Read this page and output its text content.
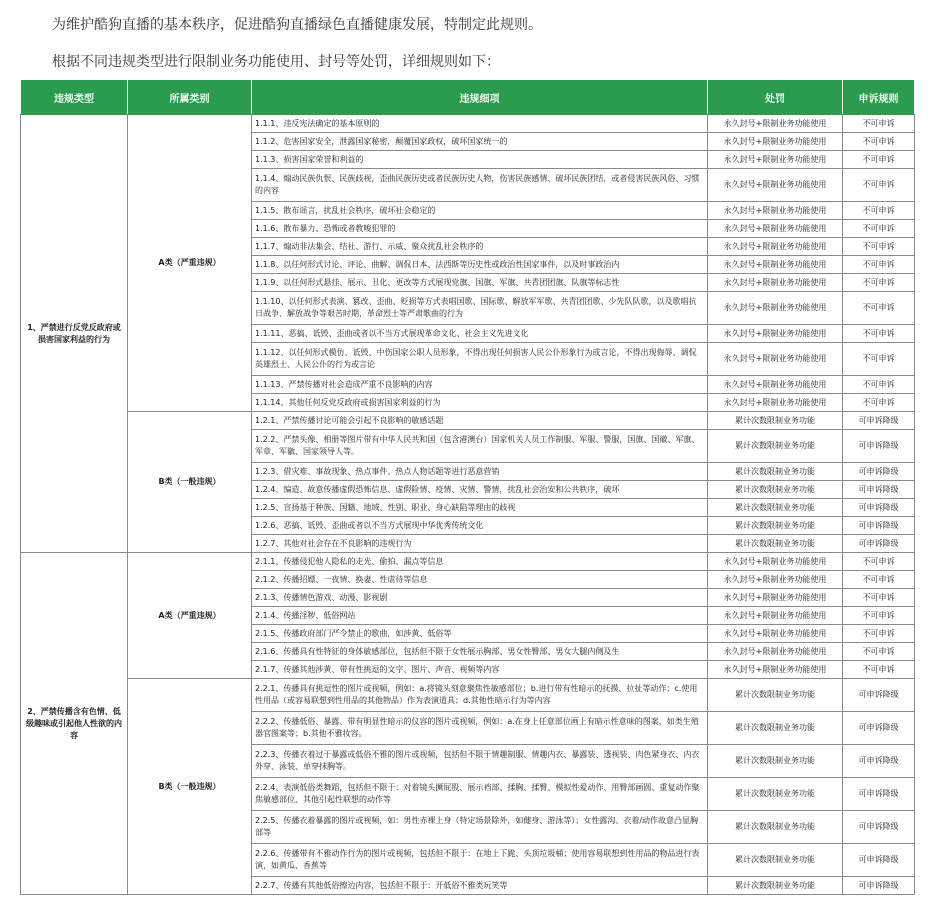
为维护酷狗直播的基本秩序，促进酷狗直播绿色直播健康发展，特制定此规则。
根据不同违规类型进行限制业务功能使用、封号等处罚，详细规则如下：
违规类型	所属类别	违规细项	处罚	申诉规则
1、严禁进行反党反政府或损害国家利益的行为	A类（严重违规）	1.1.1、违反宪法确定的基本原则的	永久封号+限制业务功能使用	不可申诉
		1.1.2、危害国家安全，泄露国家秘密，颠覆国家政权，破坏国家统一的	永久封号+限制业务功能使用	不可申诉
		1.1.3、损害国家荣誉和利益的	永久封号+限制业务功能使用	不可申诉
		1.1.4、煽动民族仇恨、民族歧视，歪曲民族历史或者民族历史人物，伤害民族感情、破坏民族团结，或者侵害民族风俗、习惯的内容	永久封号+限制业务功能使用	不可申诉
		1.1.5、散布谣言，扰乱社会秩序，破坏社会稳定的	永久封号+限制业务功能使用	不可申诉
		1.1.6、散布暴力、恐怖或者教唆犯罪的	永久封号+限制业务功能使用	不可申诉
		1.1.7、煽动非法集会、结社、游行、示威、聚众扰乱社会秩序的	永久封号+限制业务功能使用	不可申诉
		1.1.8、以任何形式讨论、评论、曲解、调侃日本、法西斯等历史性或政治性国家事件，以及时事政治内	永久封号+限制业务功能使用	不可申诉
		1.1.9、以任何形式悬挂、展示、丑化、更改等方式展现党旗、国旗、军旗、共青团团旗、队旗等标志性	永久封号+限制业务功能使用	不可申诉
		1.1.10、以任何形式表演、篡改、歪曲、贬损等方式表唱国歌、国际歌、解放军军歌、共青团团歌、少先队队歌，以及歌唱抗日战争、解放战争等艰苦时期，革命烈士等严肃歌曲的行为	永久封号+限制业务功能使用	不可申诉
		1.1.11、恶搞、诋毁、歪曲或者以不当方式展现革命文化、社会主义先进文化	永久封号+限制业务功能使用	不可申诉
		1.1.12、以任何形式模仿、诋毁、中伤国家公职人员形象，不得出现任何损害人民公仆形象行为或言论，不得出现侮辱、调侃英雄烈士、人民公仆的行为或言论	永久封号+限制业务功能使用	不可申诉
		1.1.13、严禁传播对社会造成严重不良影响的内容	永久封号+限制业务功能使用	不可申诉
		1.1.14、其他任何反党反政府或损害国家利益的行为	永久封号+限制业务功能使用	不可申诉
	B类（一般违规）	1.2.1、严禁传播讨论可能会引起不良影响的敏感话题	累计次数限制业务功能	可申诉降级
		1.2.2、严禁头像、相册等图片带有中华人民共和国（包含港澳台）国家机关人员工作制服、军服、警服，国旗、国徽、军旗、军章、军徽、国家领导人等。	累计次数限制业务功能	可申诉降级
		1.2.3、借灾难、事故现象、热点事件、热点人物话题等进行恶意营销	累计次数限制业务功能	可申诉降级
		1.2.4、编造、故意传播虚假恐怖信息、虚假险情、疫情、灾情、警情，扰乱社会治安和公共秩序，破坏	累计次数限制业务功能	可申诉降级
		1.2.5、宣扬基于种族、国籍、地域、性别、职业、身心缺陷等理由的歧视	累计次数限制业务功能	可申诉降级
		1.2.6、恶搞、诋毁、歪曲或者以不当方式展现中华优秀传统文化	累计次数限制业务功能	可申诉降级
		1.2.7、其他对社会存在不良影响的违规行为	累计次数限制业务功能	可申诉降级
2、严禁传播含有色情、低级趣味或引起他人性欲的内容	A类（严重违规）	2.1.1、传播侵犯他人隐私的走光、偷拍、漏点等信息	永久封号+限制业务功能使用	不可申诉
		2.1.2、传播招嫖、一夜情、换妻、性虐待等信息	永久封号+限制业务功能使用	不可申诉
		2.1.3、传播情色游戏、动漫、影视剧	永久封号+限制业务功能使用	不可申诉
		2.1.4、传播淫秽、低俗网站	永久封号+限制业务功能使用	不可申诉
		2.1.5、传播政府部门严令禁止的歌曲，如涉黄、低俗等	永久封号+限制业务功能使用	不可申诉
		2.1.6、传播具有性特征的身体敏感部位，包括但不限于女性展示胸部、男女性臀部、男女大腿内侧及生	永久封号+限制业务功能使用	不可申诉
		2.1.7、传播其他涉黄、带有性挑逗的文字、图片、声音、视频等内容	永久封号+限制业务功能使用	不可申诉
	B类（一般违规）	2.2.1、传播具有挑逗性的图片或视频，例如：a.将镜头刻意聚焦性敏感部位；b.进行带有性暗示的抚摸、拉扯等动作；c.使用性用品（或容易联想到性用品的其他物品）作为表演道具；d.其他性暗示行为等内容	累计次数限制业务功能	可申诉降级
		2.2.2、传播低俗、暴露、带有明显性暗示的仪容的图片或视频，例如：a.在身上任意部位画上有暗示性意味的图案，如类生殖器官图案等；b.其他不雅妆容。	累计次数限制业务功能	可申诉降级
		2.2.3、传播衣着过于暴露或低俗不雅的图片或视频，包括但不限于情趣制服、情趣内衣、暴露装、透视装、肉色紧身衣、内衣外穿、泳装、单穿抹胸等。	累计次数限制业务功能	可申诉降级
		2.2.4、表演低俗类舞蹈，包括但不限于：对着镜头撅屁股、展示裆部、揉胸、揉臀、模拟性爱动作、用臀部画圆、重复动作聚焦敏感部位、其他引起性联想的动作等	累计次数限制业务功能	可申诉降级
		2.2.5、传播衣着暴露的图片或视频，如：男性赤裸上身（特定场景除外，如健身、游泳等）；女性露沟、衣着/动作故意凸显胸部等	累计次数限制业务功能	可申诉降级
		2.2.6、传播带有不雅动作行为的图片或视频，包括但不限于：在地上下跪、头顶垃圾桶；使用容易联想到性用品的物品进行表演，如黄瓜、香蕉等	累计次数限制业务功能	可申诉降级
		2.2.7、传播有其他低俗擦边内容，包括但不限于：开低俗不雅类玩笑等	累计次数限制业务功能	可申诉降级
